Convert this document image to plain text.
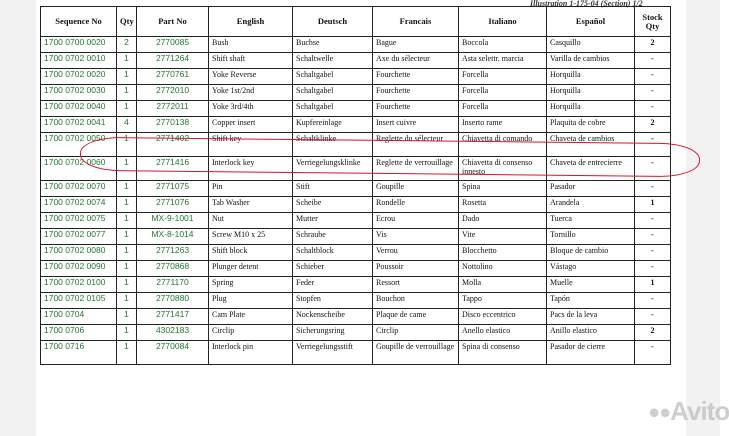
Illustration 1-175-04 (Section) 1/2
Sequence No	Qty	Part No	English	Deutsch	Francais	Italiano	Español	Stock Qty
1700 0700 0020	2	2770085	Bush	Buchse	Bague	Boccola	Casquillo	2
1700 0702 0010	1	2771264	Shift shaft	Schaltwelle	Axe du sélecteur	Asta selettr. marcia	Varilla de cambios	-
1700 0702 0020	1	2770761	Yoke Reverse	Schaltgabel	Fourchette	Forcella	Horquilla	-
1700 0702 0030	1	2772010	Yoke 1st/2nd	Schaltgabel	Fourchette	Forcella	Horquilla	-
1700 0702 0040	1	2772011	Yoke 3rd/4th	Schaltgabel	Fourchette	Forcella	Horquilla	-
1700 0702 0041	4	2770138	Copper insert	Kupfereinlage	Insert cuivre	Inserto rame	Plaquita de cobre	2
1700 0702 0050	1	2771402	Shift key	Schaltklinke	Reglette du sélecteur	Chiavetta di comando	Chaveta de cambios	-
1700 0702 0060	1	2771416	Interlock key	Verriegelungsklinke	Reglette de verrouillage	Chiavetta di consenso innesto	Chaveta de entrecierre	-
1700 0702 0070	1	2771075	Pin	Stift	Goupille	Spina	Pasador	-
1700 0702 0074	1	2771076	Tab Washer	Scheibe	Rondelle	Rosetta	Arandela	1
1700 0702 0075	1	MX-9-1001	Nut	Mutter	Ecrou	Dado	Tuerca	-
1700 0702 0077	1	MX-8-1014	Screw M10 x 25	Schraube	Vis	Vite	Tornillo	-
1700 0702 0080	1	2771263	Shift block	Schaltblock	Verrou	Blocchetto	Bloque de cambio	-
1700 0702 0090	1	2770868	Plunger detent	Schieber	Poussoir	Nottolino	Vástago	-
1700 0702 0100	1	2771170	Spring	Feder	Ressort	Molla	Muelle	1
1700 0702 0105	1	2770880	Plug	Stopfen	Bouchon	Tappo	Tapón	-
1700 0704	1	2771417	Cam Plate	Nockenscheibe	Plaque de came	Disco eccentrico	Pacs de la leva	-
1700 0706	1	4302183	Circlip	Sicherungsring	Circlip	Anello elastico	Anillo elastico	2
1700 0716	1	2770084	Interlock pin	Verriegelungsstift	Goupille de verrouillage	Spina di consenso	Pasador de cierre	-
●●Avito
